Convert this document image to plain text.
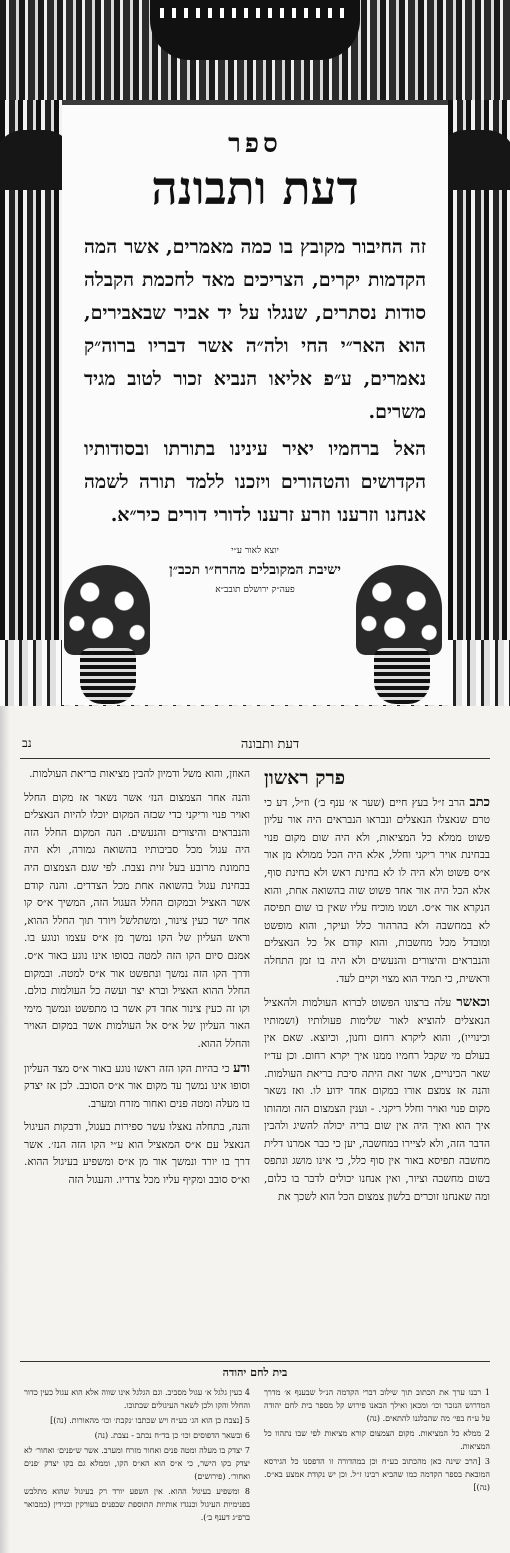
ספר
דעת ותבונה
זה החיבור מקובץ בו כמה מאמרים, אשר המה הקדמות יקרים, הצריכים מאד לחכמת הקבלה סודות נסתרים, שנגלו על יד אביר שבאבירים, הוא האר״י החי ולה״ה אשר דבריו ברוה״ק נאמרים, ע״פ אליאו הנביא זכור לטוב מגיד משרים.
האל ברחמיו יאיר עינינו בתורתו ובסודותיו הקדושים והטהורים ויזכנו ללמד תורה לשמה אנחנו וזרענו וזרע זרענו לדורי דורים כיר״א.
יוצא לאור ע״י
ישיבת המקובלים מהרח״ו תכב״ן
פעה״ק ירושלם תובב״א
נב	דעת ותבונה
פרק ראשון

כתב הרב ז״ל בעץ חיים (שער א׳ ענף ב׳) וז״ל, דע כי טרם שנאצלו הנאצלים ונבראו הנבראים היה אור עליון פשוט ממלא כל המציאות, ולא היה שום מקום פנוי בבחינת אויר ריקני וחלל, אלא היה הכל ממולא מן אור א״ס פשוט ולא היה לו לא בחינת ראש ולא בחינת סוף, אלא הכל היה אור אחד פשוט שוה בהשואה אחת, והוא הנקרא אור א״ס. ושמו מוכיח עליו שאין בו שום תפיסה לא במחשבה ולא בהרהור כלל ועיקר, והוא מופשט ומובדל מכל מחשבות, והוא קודם אל כל הנאצלים והנבראים והיצורים והנעשים ולא היה בו זמן התחלה וראשית, כי תמיד הוא מצוי וקיים לעד.

וכאשר עלה ברצונו הפשוט לברוא העולמות ולהאציל הנאצלים להוציא לאור שלימות פעולותיו (ושמותיו וכינוייו), והוא ליקרא רחום וחנון, וכיוצא. שאם אין בעולם מי שקבל רחמיו ממנו איך יקרא רחום. וכן עד״ז שאר הכינויים, אשר זאת היתה סיבת בריאת העולמות. והנה אז צמצם אורו במקום אחד ידוע לו. ואז נשאר מקום פנוי ואויר וחלל ריקני. - וענין הצמצום הזה ומהותו איך הוא ואיך היה אין שום בריה יכולה להשיג ולהבין הדבר הזה, ולא לציירו במחשבה, יען כי כבר אמרנו דלית מחשבה תפיסא באור אין סוף כלל, כי אינו מושג ונתפס בשום מחשבה וציור, ואין אנחנו יכולים לדבר בו כלום, ומה שאנחנו זוכרים בלשון צמצום הכל הוא לשכך את

האוזן, והוא משל ודמיון להבין מציאות בריאת העולמות.

והנה אחר הצמצום הנז׳ אשר נשאר אז מקום החלל ואויר פנוי וריקני כדי שבזה המקום יוכלו להיות הנאצלים והנבראים והיצורים והנעשים. הנה המקום החלל הזה היה עגול מכל סביבותיו בהשואה גמורה, ולא היה בתמונת מרובע בעל זוית נצבת. לפי שגם הצמצום היה בבחינת עגול בהשואה אחת מכל הצדדים. והנה קודם אשר האציל ובמקום החלל העגול הזה, המשיך א״ס קו אחד ישר כעין צינור, ומשתלשל ויורד תוך החלל ההוא, וראש העליון של הקו נמשך מן א״ס עצמו ונוגע בו. אמנם סיום הקו הזה למטה בסופו אינו נוגע באור א״ס. ודרך הקו הזה נמשך ונתפשט אור א״ס למטה. ובמקום החלל ההוא האציל וברא יצר ועשה כל העולמות כולם. וקו זה כעין צינור אחד דק אשר בו מתפשט ונמשך מימי האור העליון של א״ס אל העולמות אשר במקום האויר והחלל ההוא.

ודע כי בהיות הקו הזה ראשו נוגע באור א״ס מצד העליון וסופו אינו נמשך עד מקום אור א״ס הסובב. לכן אז יצדק בו מעלה ומטה פנים ואחור מזרח ומערב.

והנה, בתחלה נאצלו עשר ספירות בעגול, ודבקות העיגול הנאצל עם א״ס המאציל הוא ע״י הקו הזה הנז׳. אשר דרך בו יורד ונמשך אור מן א״ס ומשפיע בעיגול ההוא. וא״ס סובב ומקיף עליו מכל צדדיו. והעגול הזה

בית לחם יהודה

1 רבנו ערך את הכתוב תוך שילוב דברי הקדמה הנ״ל שבענף א׳ מדרך המדרוש הנזכר וכו׳ ומכאן ואילך הבאנו פירוש קל מספר בית לחם יהודה על ע״ח בפי׳ מה שהבלגנו להתאים. (נה)

2 ממלא כל המציאות. מקום הצמצום קורא מציאות לפי שבו נתהוו כל המציאות.

3 [הרב שינה כאן מהכתוב בע״ח וכן במהדורה זו הדפסנו כל הגירסא המובאת בספר הקדמה כמו שהביא רבינו ז״ל. וכן יש נקודת אמצע בא״ס. (נה)]

4 כעין גלגל א׳ עגול מסביב. וגם הגלגל אינו שווה אלא הוא עגול כעין כדור והחלל והקו ולכן לשאר העיגולים שבתוכו.

5 [נצבת כן הוא הג׳ בע״ח ויש שכתבו ׳נקבת׳ וכו׳ מהאורות. (נה)]

6 ובשאר הדפוסים וכו׳ כן בד״ח נכתב - נצבת. (נה)

7 יצדק בו מעלה ומטה פנים ואחור מזרח ומערב. אשר ש״פנים׳ ואחור׳ לא יצדק בקו הישר, כי א״ס הוא הא״ס הקו, וממלא גם בקו יצדק ׳פנים ואחור׳. (פירושים)

8 ומשפיע בעיגול ההוא. אין השפע יורד רק בעיגול שהוא מתלבש בפנימיות העיגול וכנגדו אותיות התוספת שבפנים בעורקין ובגידין (כמבואר ברפ״ג דענף ב׳).
